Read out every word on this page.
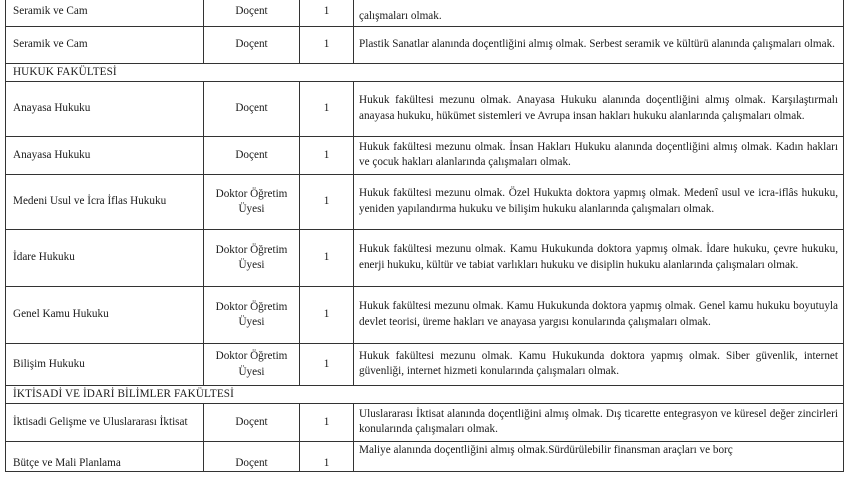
Seramik ve Cam	Doçent	1	çalışmaları olmak.
Seramik ve Cam	Doçent	1	Plastik Sanatlar alanında doçentliğini almış olmak. Serbest seramik ve kültürü alanında çalışmaları olmak.
HUKUK FAKÜLTESİ			
Anayasa Hukuku	Doçent	1	Hukuk fakültesi mezunu olmak. Anayasa Hukuku alanında doçentliğini almış olmak. Karşılaştırmalı anayasa hukuku, hükümet sistemleri ve Avrupa insan hakları hukuku alanlarında çalışmaları olmak.
Anayasa Hukuku	Doçent	1	Hukuk fakültesi mezunu olmak. İnsan Hakları Hukuku alanında doçentliğini almış olmak. Kadın hakları ve çocuk hakları alanlarında çalışmaları olmak.
Medeni Usul ve İcra İflas Hukuku	Doktor Öğretim Üyesi	1	Hukuk fakültesi mezunu olmak. Özel Hukukta doktora yapmış olmak. Medenî usul ve icra-iflâs hukuku, yeniden yapılandırma hukuku ve bilişim hukuku alanlarında çalışmaları olmak.
İdare Hukuku	Doktor Öğretim Üyesi	1	Hukuk fakültesi mezunu olmak. Kamu Hukukunda doktora yapmış olmak. İdare hukuku, çevre hukuku, enerji hukuku, kültür ve tabiat varlıkları hukuku ve disiplin hukuku alanlarında çalışmaları olmak.
Genel Kamu Hukuku	Doktor Öğretim Üyesi	1	Hukuk fakültesi mezunu olmak. Kamu Hukukunda doktora yapmış olmak. Genel kamu hukuku boyutuyla devlet teorisi, üreme hakları ve anayasa yargısı konularında çalışmaları olmak.
Bilişim Hukuku	Doktor Öğretim Üyesi	1	Hukuk fakültesi mezunu olmak. Kamu Hukukunda doktora yapmış olmak. Siber güvenlik, internet güvenliği, internet hizmeti konularında çalışmaları olmak.
İKTİSADİ VE İDARİ BİLİMLER FAKÜLTESİ			
İktisadi Gelişme ve Uluslararası İktisat	Doçent	1	Uluslararası İktisat alanında doçentliğini almış olmak. Dış ticarette entegrasyon ve küresel değer zincirleri konularında çalışmaları olmak.
Bütçe ve Mali Planlama	Doçent	1	Maliye alanında doçentliğini almış olmak.Sürdürülebilir finansman araçları ve borç
